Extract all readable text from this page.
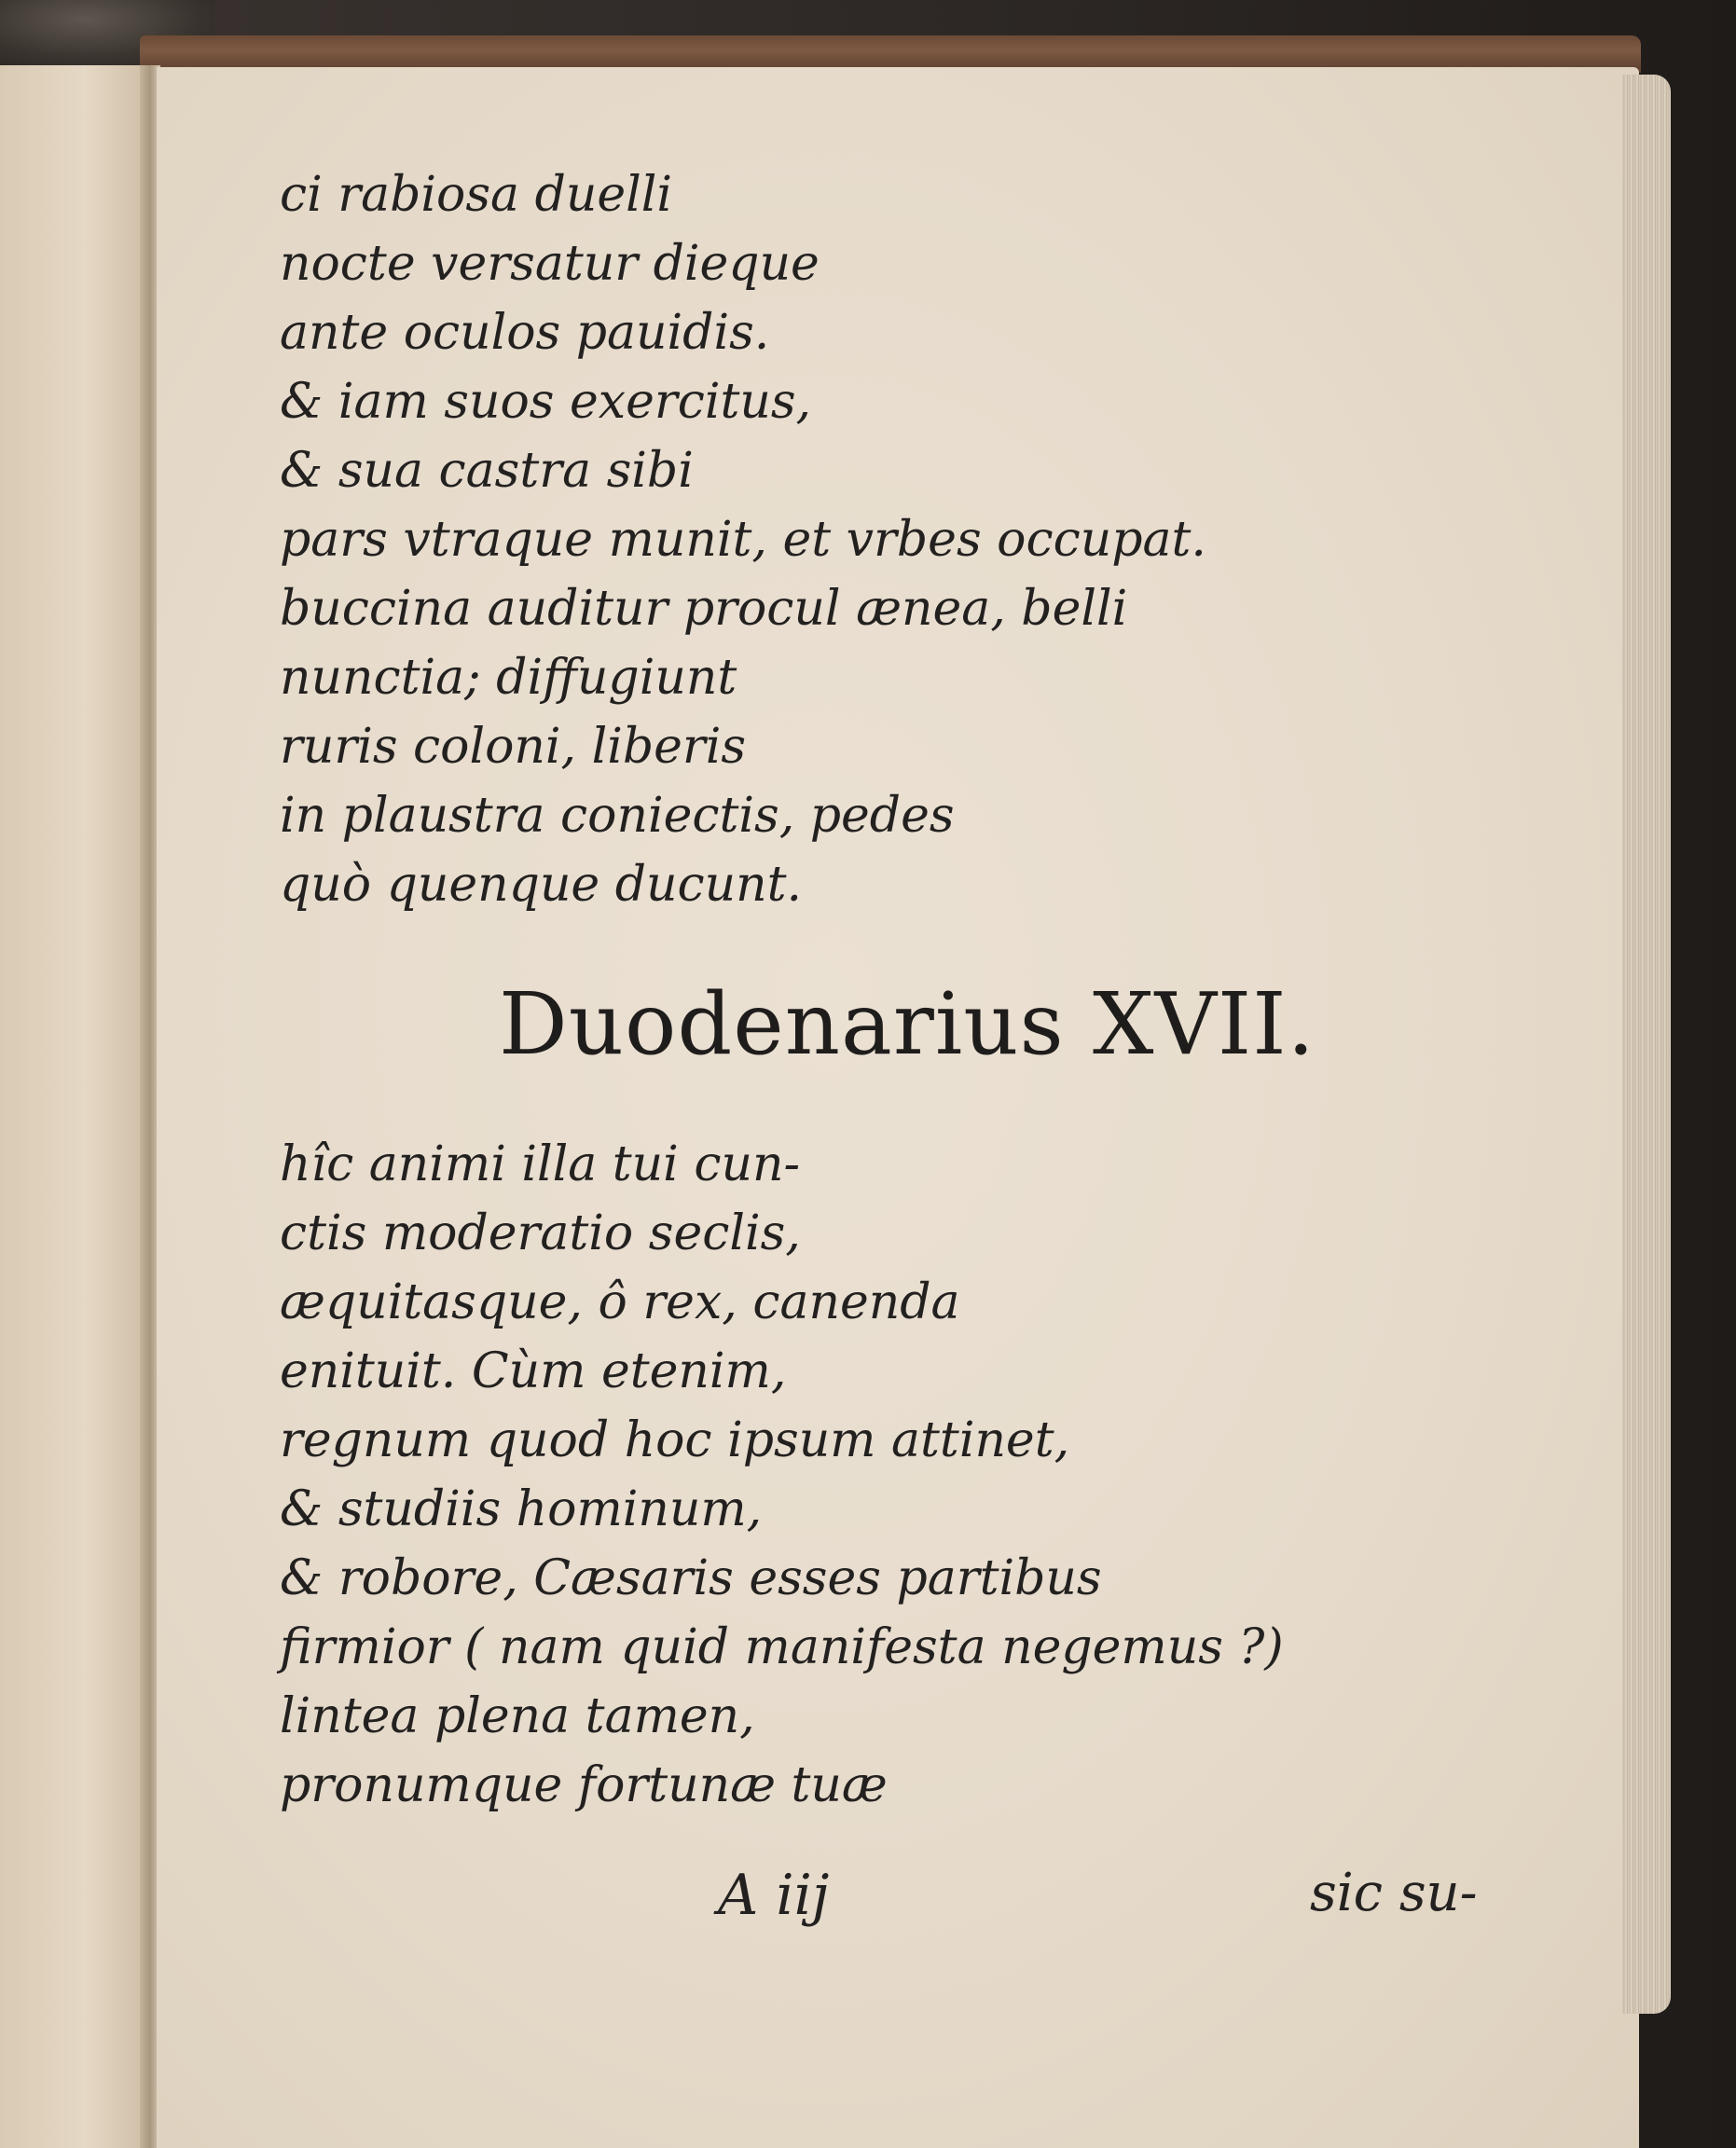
ci rabiosa duelli
nocte versatur dieque
ante oculos pauidis.
& iam suos exercitus,
& sua castra sibi
pars vtraque munit, et vrbes occupat.
buccina auditur procul ænea, belli
nunctia; diffugiunt
ruris coloni, liberis
in plaustra coniectis, pedes
quò quenque ducunt.
Duodenarius XVII.
hîc animi illa tui cun-
ctis moderatio seclis,
æquitasque, ô rex, canenda
enituit. Cùm etenim,
regnum quod hoc ipsum attinet,
& studiis hominum,
& robore, Cæsaris esses partibus
firmior ( nam quid manifesta negemus ?)
lintea plena tamen,
pronumque fortunæ tuæ
A iij	sic su-
